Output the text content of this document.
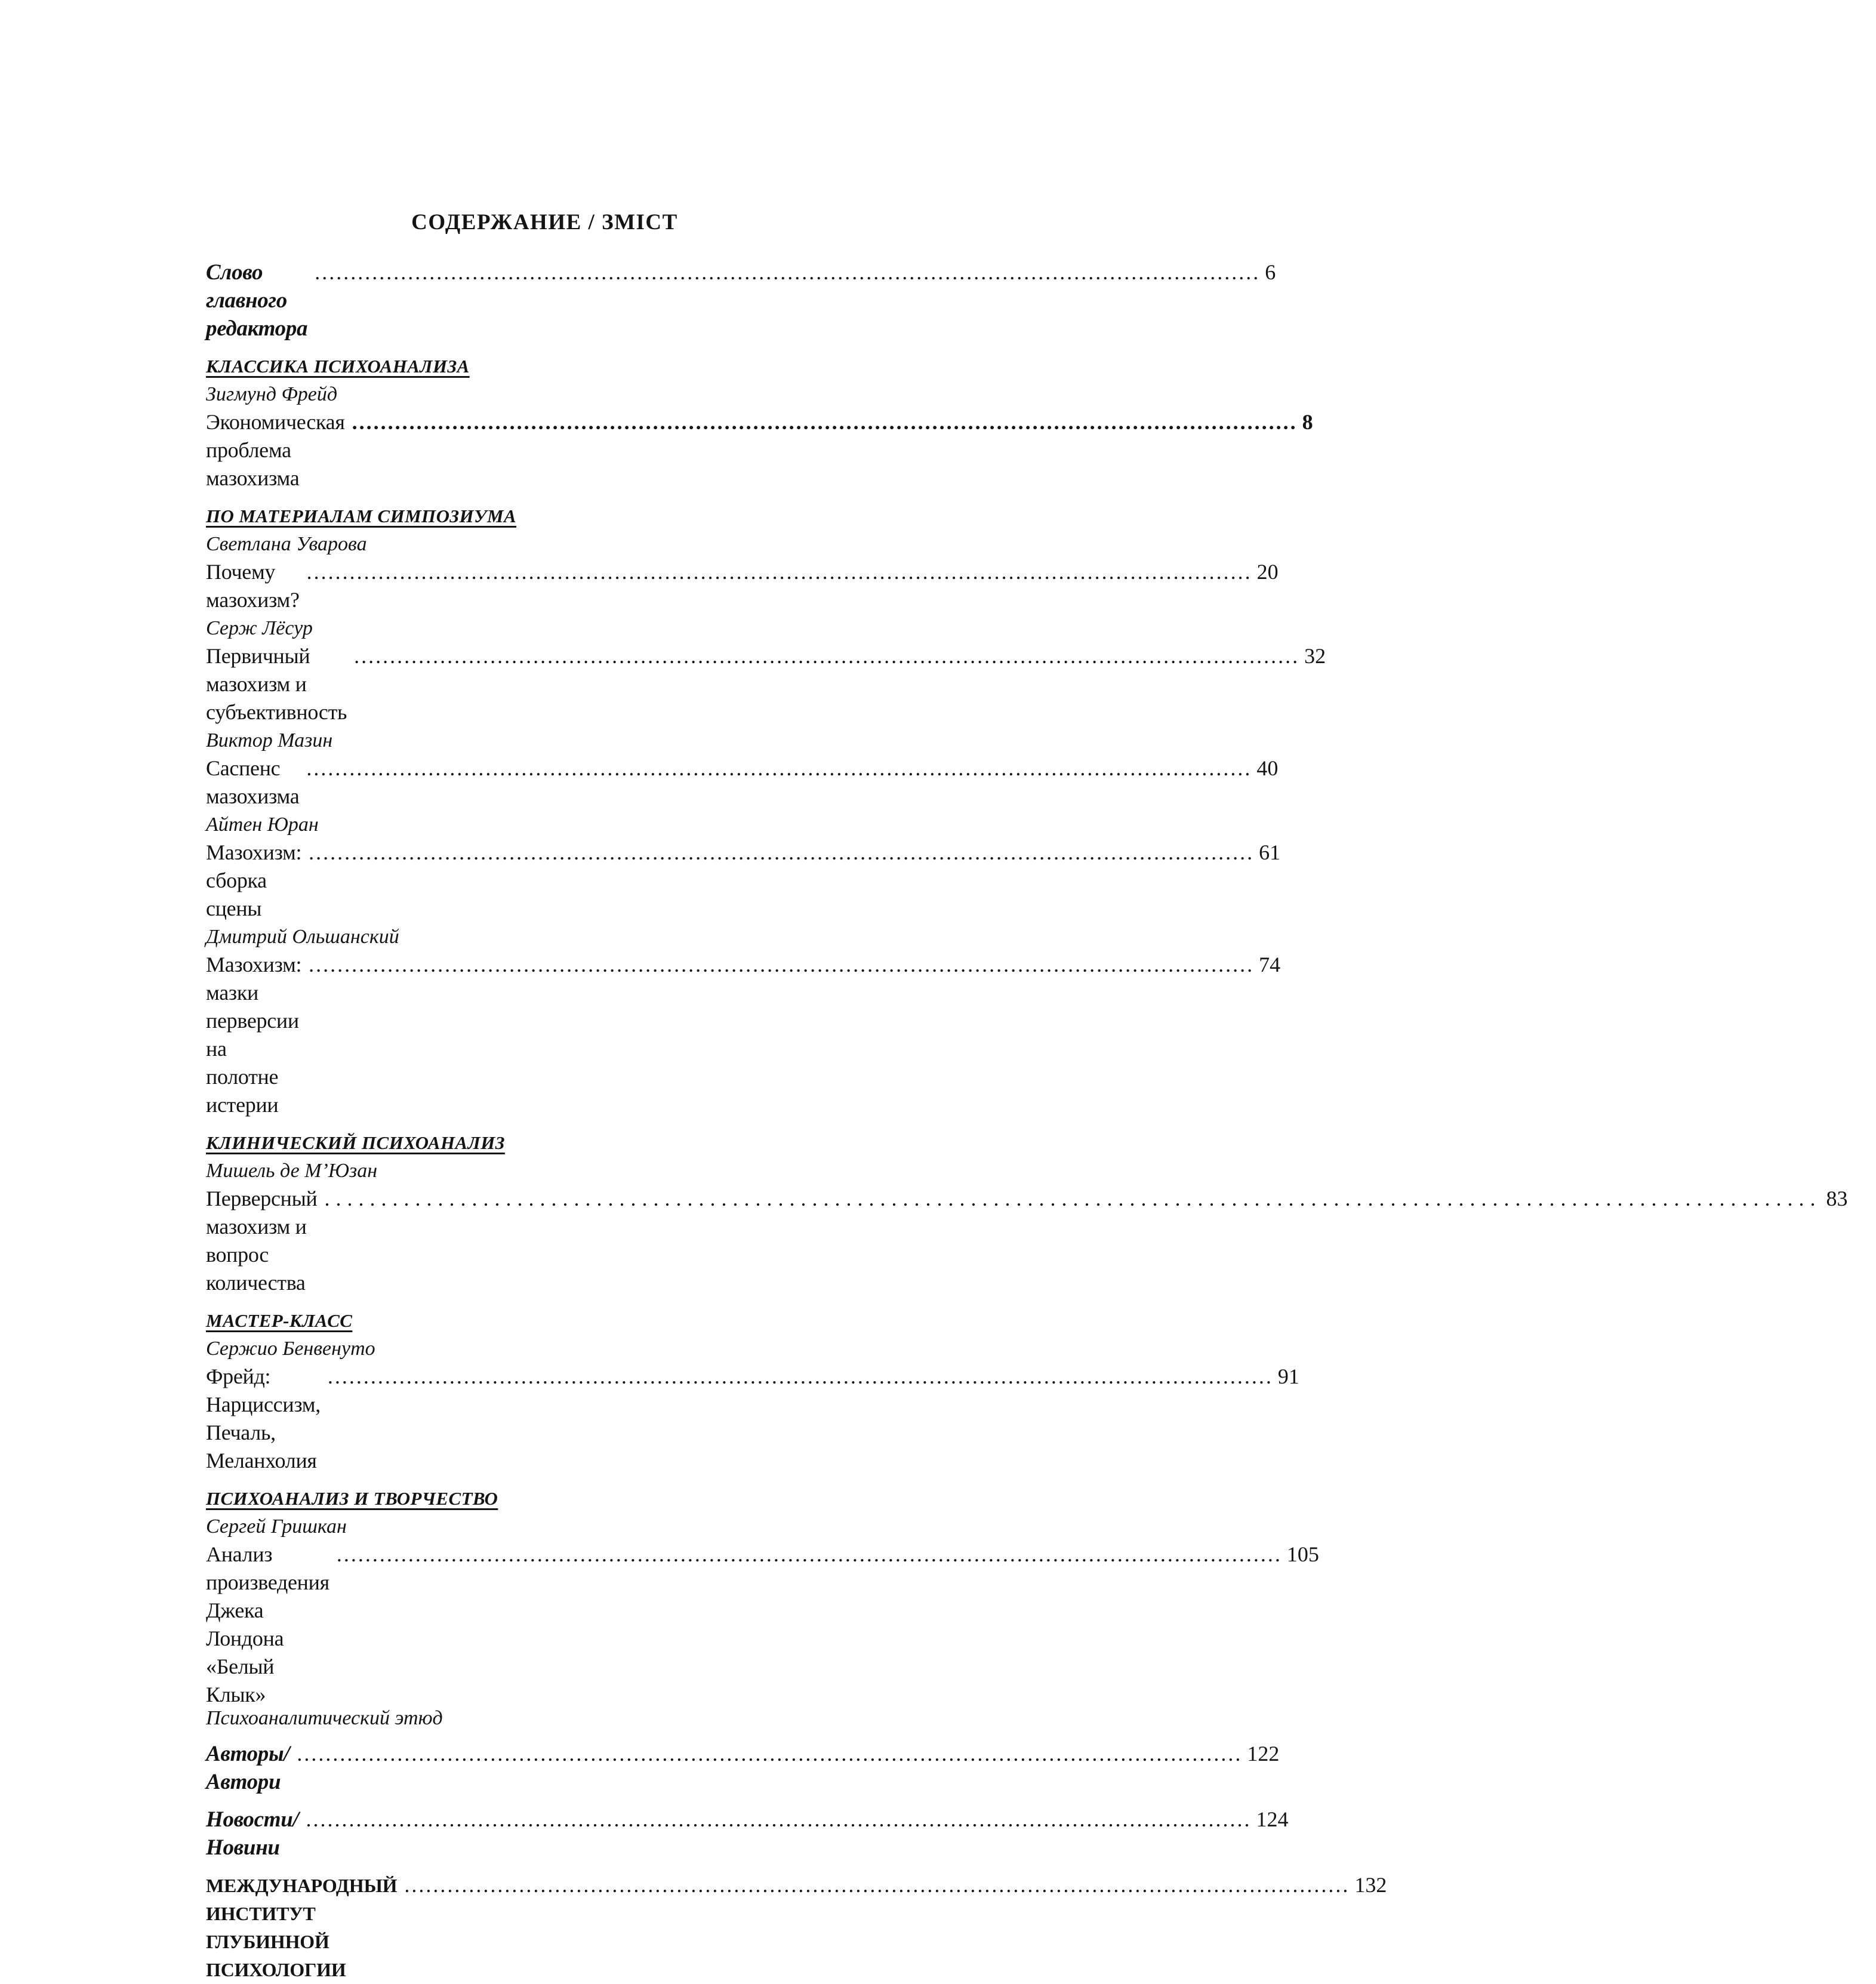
СОДЕРЖАНИЕ / ЗМІСТ
Слово главного редактора
.....
6
КЛАССИКА ПСИХОАНАЛИЗА
Зигмунд Фрейд
Экономическая проблема мазохизма
.....
8
ПО МАТЕРИАЛАМ СИМПОЗИУМА
Светлана Уварова
Почему мазохизм?
.....
20
Серж Лёсур
Первичный мазохизм и субъективность
.....
32
Виктор Мазин
Саспенс мазохизма
.....
40
Айтен Юран
Мазохизм: сборка сцены
.....
61
Дмитрий Ольшанский
Мазохизм: мазки перверсии на полотне истерии
.....
74
КЛИНИЧЕСКИЙ ПСИХОАНАЛИЗ
Мишель де М’Юзан
Перверсный мазохизм и вопрос количества
.....
83
МАСТЕР-КЛАСС
Сержио Бенвенуто
Фрейд: Нарциссизм, Печаль, Меланхолия
.....
91
ПСИХОАНАЛИЗ И ТВОРЧЕСТВО
Сергей Гришкан
Анализ произведения Джека Лондона «Белый Клык»
.....
105
Психоаналитический этюд
Авторы/Автори
.....
122
Новости/Новини
.....
124
МЕЖДУНАРОДНЫЙ ИНСТИТУТ ГЛУБИННОЙ ПСИХОЛОГИИ
.....
132
